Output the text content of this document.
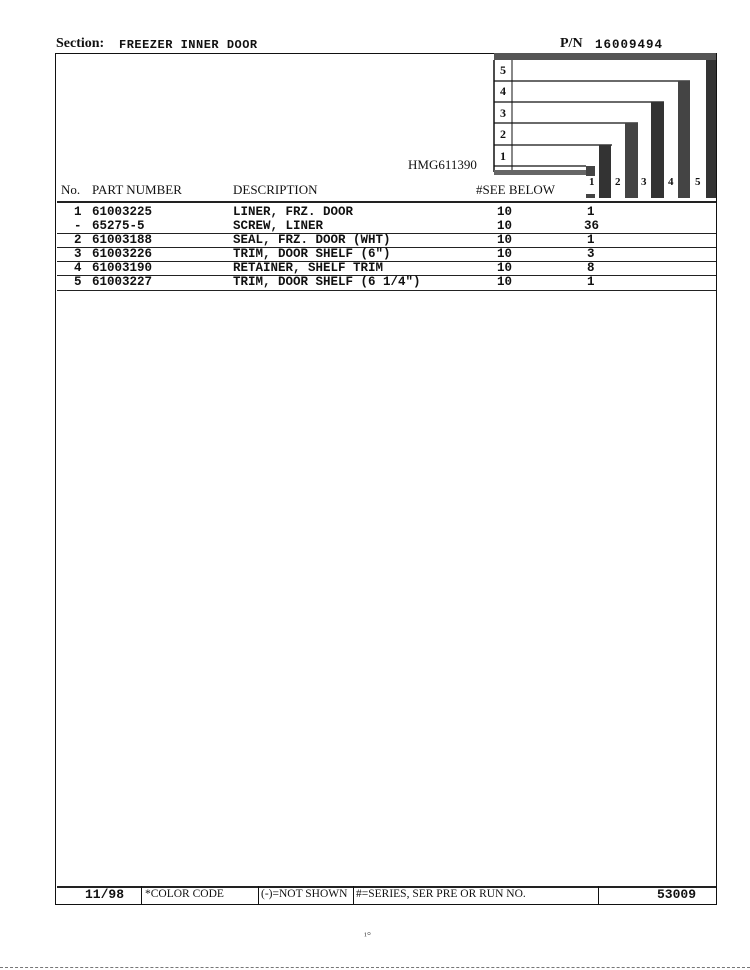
Section: FREEZER INNER DOOR	P/N 16009494
5
4
3
2
1
1 2 3 4 5
HMG611390
No. PART NUMBER	DESCRIPTION	#SEE BELOW
1 61003225	LINER, FRZ. DOOR	10	1
- 65275-5	SCREW, LINER	10	36
2 61003188	SEAL, FRZ. DOOR (WHT)	10	1
3 61003226	TRIM, DOOR SHELF (6")	10	3
4 61003190	RETAINER, SHELF TRIM	10	8
5 61003227	TRIM, DOOR SHELF (6 1/4")	10	1
11/98 *COLOR CODE	(-)=NOT SHOWN #=SERIES, SER PRE OR RUN NO.	53009
¹°
